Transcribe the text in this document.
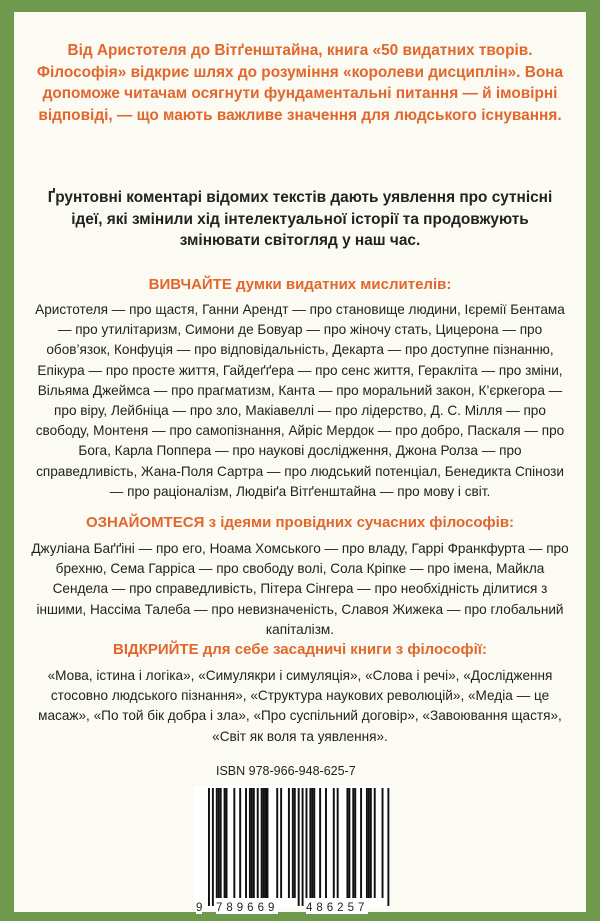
Від Аристотеля до Вітґенштайна, книга «50 видатних творів. Філософія» відкриє шлях до розуміння «королеви дисциплін». Вона допоможе читачам осягнути фундаментальні питання — й імовірні відповіді, — що мають важливе значення для людського існування.
Ґрунтовні коментарі відомих текстів дають уявлення про сутнісні ідеї, які змінили хід інтелектуальної історії та продовжують змінювати світогляд у наш час.
ВИВЧАЙТЕ думки видатних мислителів:
Аристотеля — про щастя, Ганни Арендт — про становище людини, Ієремії Бентама — про утилітаризм, Симони де Бовуар — про жіночу стать, Цицерона — про обов’язок, Конфуція — про відповідальність, Декарта — про доступне пізнанню, Епікура — про просте життя, Гайдеґґера — про сенс життя, Геракліта — про зміни, Вільяма Джеймса — про прагматизм, Канта — про моральний закон, К’єркегора — про віру, Лейбніца — про зло, Макіавеллі — про лідерство, Д. С. Мілля — про свободу, Монтеня — про самопізнання, Айріс Мердок — про добро, Паскаля — про Бога, Карла Поппера — про наукові дослідження, Джона Ролза — про справедливість, Жана-Поля Сартра — про людський потенціал, Бенедикта Спінози — про раціоналізм, Людвіґа Вітґенштайна — про мову і світ.
ОЗНАЙОМТЕСЯ з ідеями провідних сучасних філософів:
Джуліана Баґґіні — про его, Ноама Хомського — про владу, Гаррі Франкфурта — про брехню, Сема Гарріса — про свободу волі, Сола Кріпке — про імена, Майкла Сендела — про справедливість, Пітера Сінгера — про необхідність ділитися з іншими, Нассіма Талеба — про невизначеність, Славоя Жижека — про глобальний капіталізм.
ВІДКРИЙТЕ для себе засадничі книги з філософії:
«Мова, істина і логіка», «Симулякри і симуляція», «Слова і речі», «Дослідження стосовно людського пізнання», «Структура наукових революцій», «Медіа — це масаж», «По той бік добра і зла», «Про суспільний договір», «Завоювання щастя», «Світ як воля та уявлення».
ISBN 978-966-948-625-7
9 789669 486257
